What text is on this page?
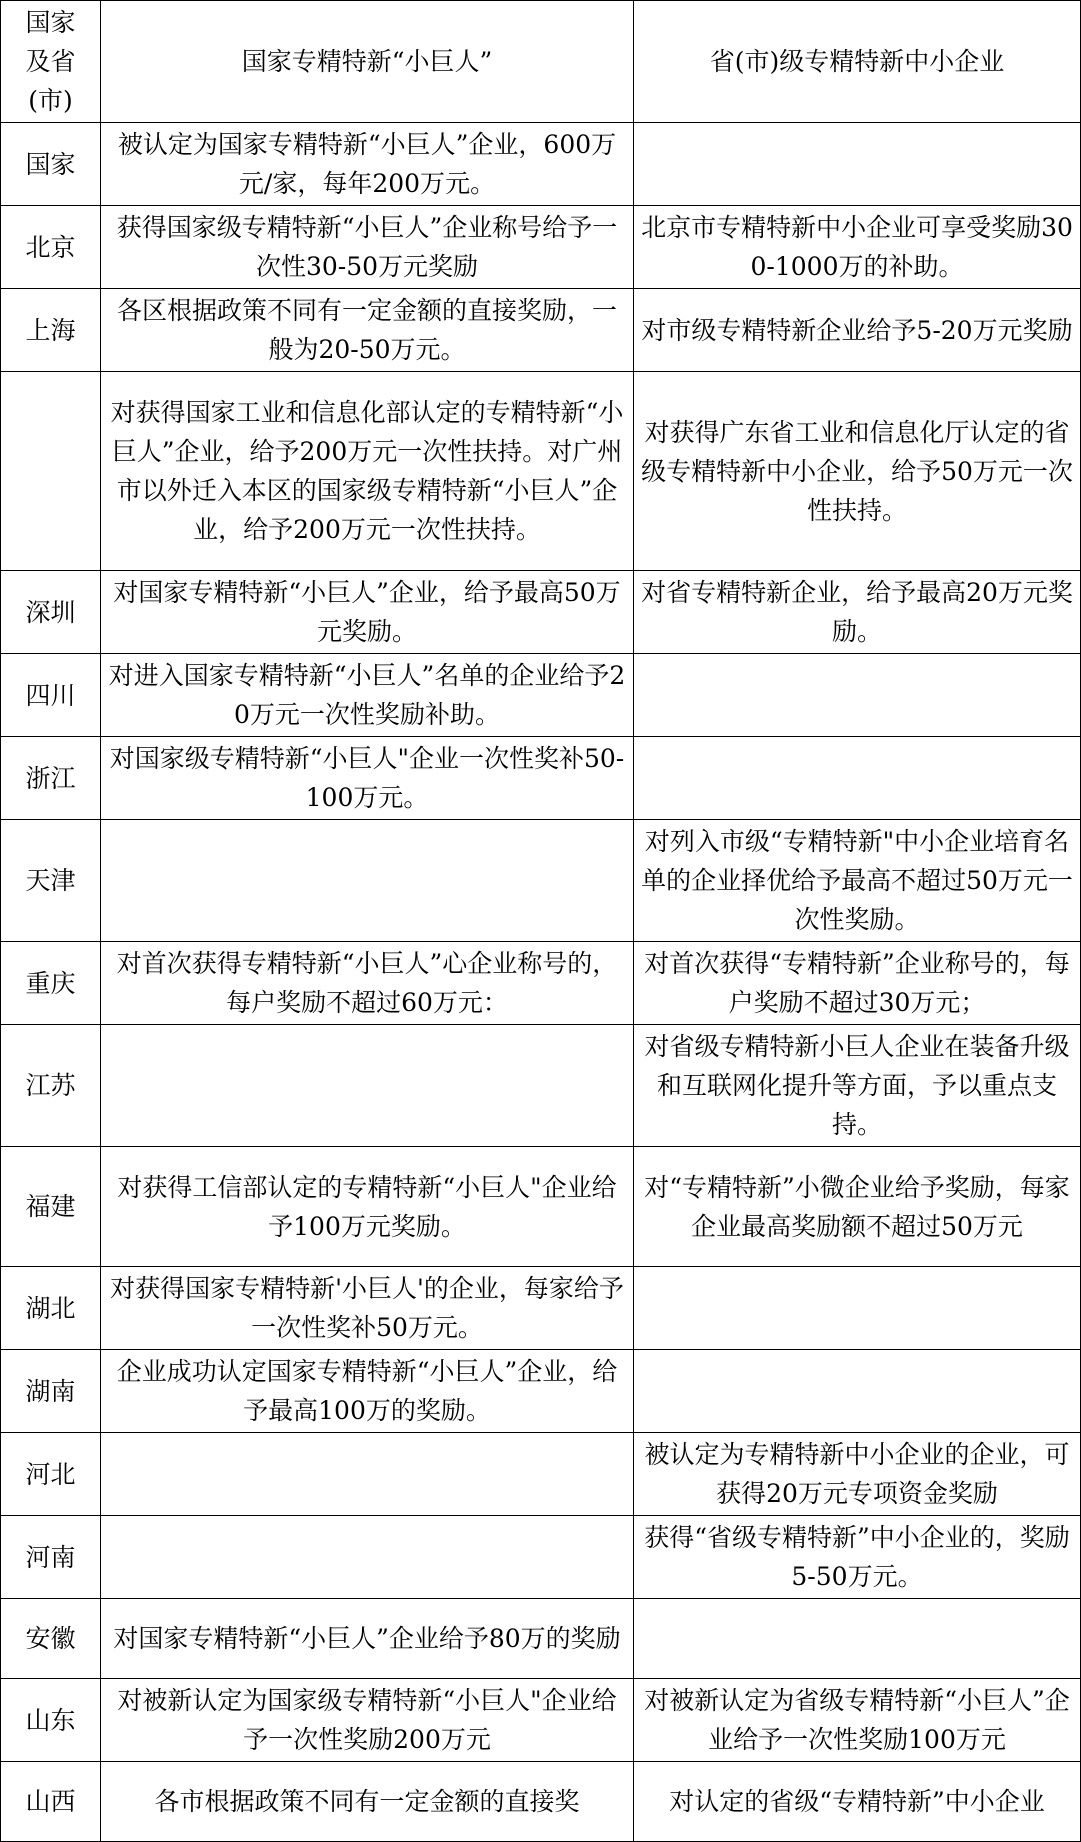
国家
及省
(市)	国家专精特新“小巨人”	省(市)级专精特新中小企业

国家	被认定为国家专精特新“小巨人”企业，600万元/家，每年200万元。	

北京	获得国家级专精特新“小巨人”企业称号给予一次性30-50万元奖励	北京市专精特新中小企业可享受奖励300-1000万的补助。

上海	各区根据政策不同有一定金额的直接奖励，一般为20-50万元。	对市级专精特新企业给予5-20万元奖励

	对获得国家工业和信息化部认定的专精特新“小巨人”企业，给予200万元一次性扶持。对广州市以外迁入本区的国家级专精特新“小巨人”企业，给予200万元一次性扶持。	对获得广东省工业和信息化厅认定的省级专精特新中小企业，给予50万元一次性扶持。

深圳	对国家专精特新“小巨人”企业，给予最高50万元奖励。	对省专精特新企业，给予最高20万元奖励。

四川	对进入国家专精特新“小巨人”名单的企业给予20万元一次性奖励补助。	

浙江	对国家级专精特新“小巨人"企业一次性奖补50-100万元。	

天津		对列入市级“专精特新"中小企业培育名单的企业择优给予最高不超过50万元一次性奖励。

重庆	对首次获得专精特新“小巨人”心企业称号的，每户奖励不超过60万元：	对首次获得“专精特新”企业称号的，每户奖励不超过30万元；

江苏		对省级专精特新小巨人企业在装备升级和互联网化提升等方面，予以重点支持。

福建	对获得工信部认定的专精特新“小巨人"企业给予100万元奖励。	对“专精特新”小微企业给予奖励，每家企业最高奖励额不超过50万元

湖北	对获得国家专精特新'小巨人'的企业，每家给予一次性奖补50万元。	

湖南	企业成功认定国家专精特新“小巨人”企业，给予最高100万的奖励。	

河北		被认定为专精特新中小企业的企业，可获得20万元专项资金奖励

河南		获得“省级专精特新”中小企业的，奖励5-50万元。

安徽	对国家专精特新“小巨人”企业给予80万的奖励	

山东	对被新认定为国家级专精特新“小巨人"企业给予一次性奖励200万元	对被新认定为省级专精特新“小巨人”企业给予一次性奖励100万元

山西	各市根据政策不同有一定金额的直接奖	对认定的省级“专精特新”中小企业
